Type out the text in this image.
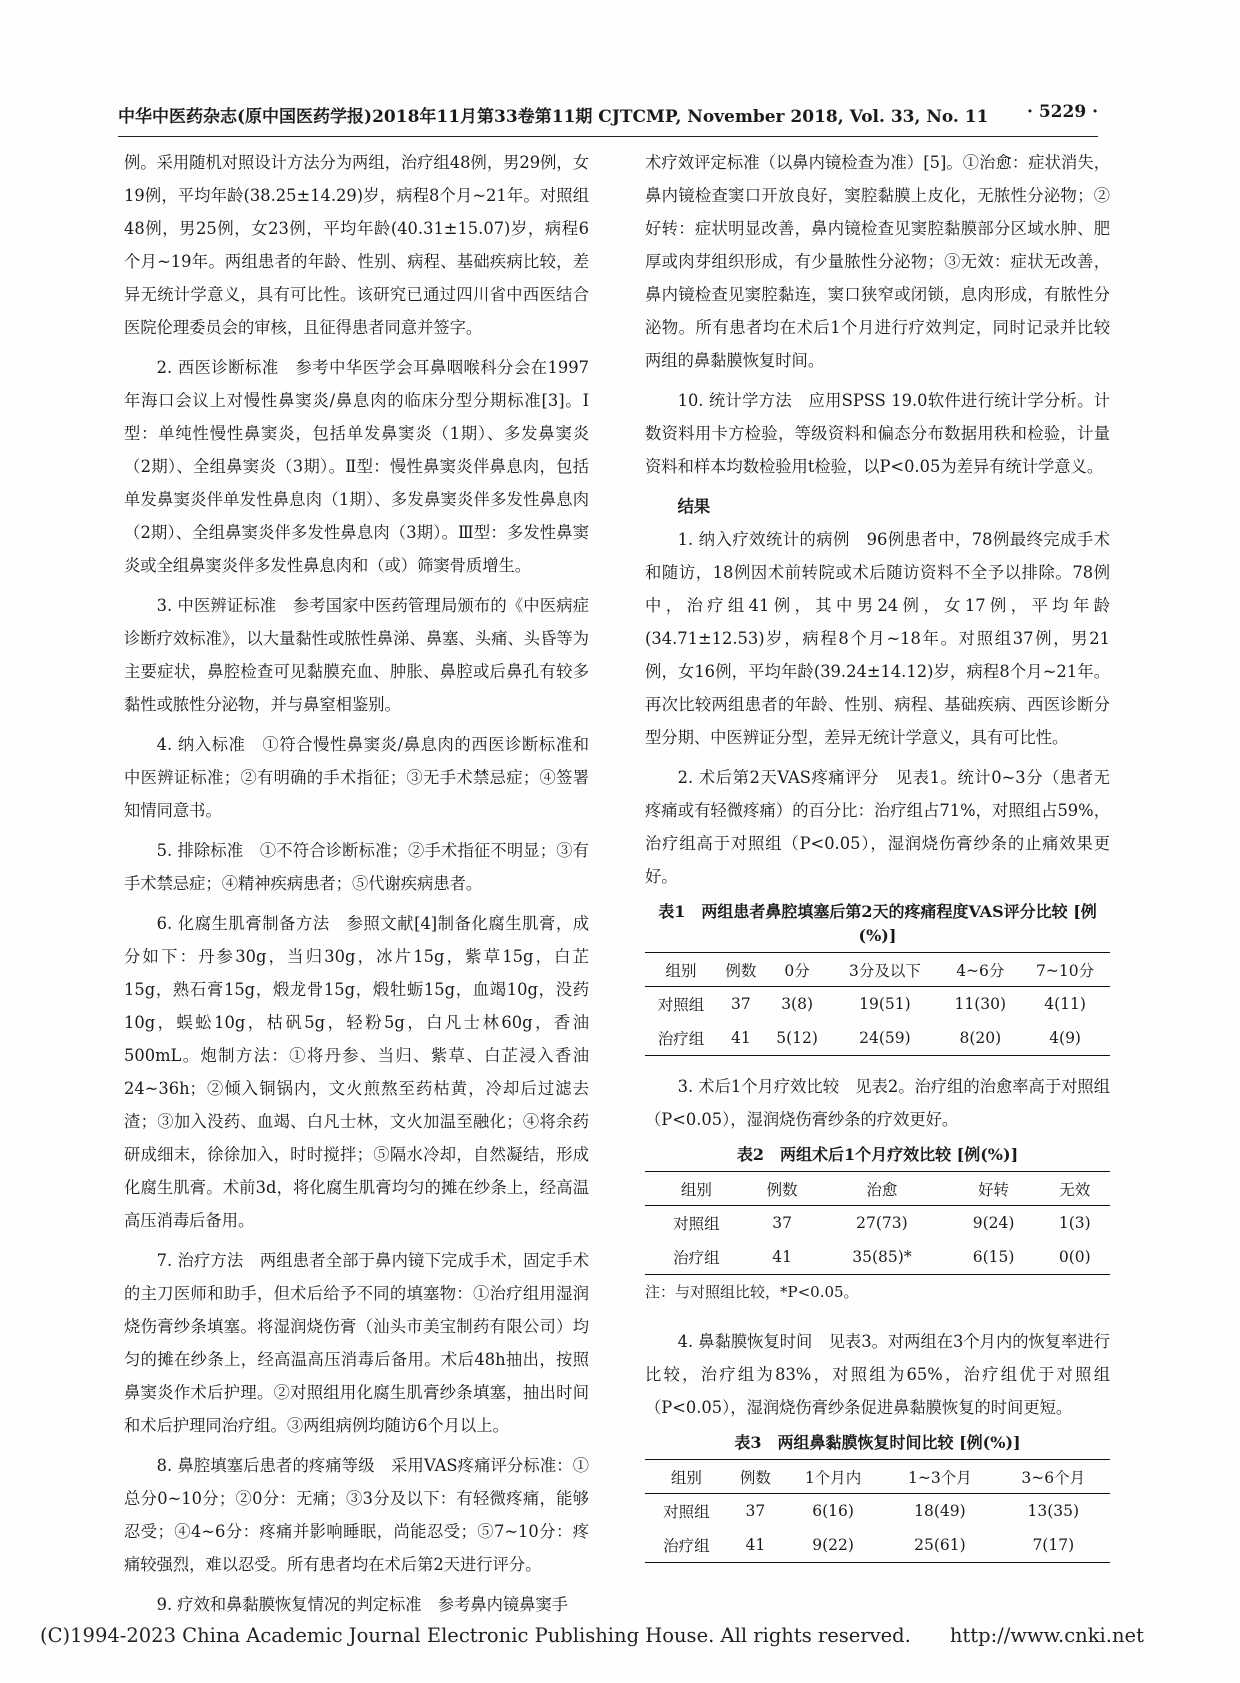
中华中医药杂志(原中国医药学报)2018年11月第33卷第11期 CJTCMP, November 2018, Vol. 33, No. 11 · 5229 ·

例。采用随机对照设计方法分为两组，治疗组48例，男29例，女19例，平均年龄(38.25±14.29)岁，病程8个月~21年。对照组48例，男25例，女23例，平均年龄(40.31±15.07)岁，病程6个月~19年。两组患者的年龄、性别、病程、基础疾病比较，差异无统计学意义，具有可比性。该研究已通过四川省中西医结合医院伦理委员会的审核，且征得患者同意并签字。

2. 西医诊断标准　参考中华医学会耳鼻咽喉科分会在1997年海口会议上对慢性鼻窦炎/鼻息肉的临床分型分期标准[3]。Ⅰ型：单纯性慢性鼻窦炎，包括单发鼻窦炎（1期）、多发鼻窦炎（2期）、全组鼻窦炎（3期）。Ⅱ型：慢性鼻窦炎伴鼻息肉，包括单发鼻窦炎伴单发性鼻息肉（1期）、多发鼻窦炎伴多发性鼻息肉（2期）、全组鼻窦炎伴多发性鼻息肉（3期）。Ⅲ型：多发性鼻窦炎或全组鼻窦炎伴多发性鼻息肉和（或）筛窦骨质增生。

3. 中医辨证标准　参考国家中医药管理局颁布的《中医病症诊断疗效标准》，以大量黏性或脓性鼻涕、鼻塞、头痛、头昏等为主要症状，鼻腔检查可见黏膜充血、肿胀、鼻腔或后鼻孔有较多黏性或脓性分泌物，并与鼻窒相鉴别。

4. 纳入标准　①符合慢性鼻窦炎/鼻息肉的西医诊断标准和中医辨证标准；②有明确的手术指征；③无手术禁忌症；④签署知情同意书。

5. 排除标准　①不符合诊断标准；②手术指征不明显；③有手术禁忌症；④精神疾病患者；⑤代谢疾病患者。

6. 化腐生肌膏制备方法　参照文献[4]制备化腐生肌膏，成分如下：丹参30g，当归30g，冰片15g，紫草15g，白芷15g，熟石膏15g，煅龙骨15g，煅牡蛎15g，血竭10g，没药10g，蜈蚣10g，枯矾5g，轻粉5g，白凡士林60g，香油500mL。炮制方法：①将丹参、当归、紫草、白芷浸入香油24~36h；②倾入铜锅内，文火煎熬至药枯黄，冷却后过滤去渣；③加入没药、血竭、白凡士林，文火加温至融化；④将余药研成细末，徐徐加入，时时搅拌；⑤隔水冷却，自然凝结，形成化腐生肌膏。术前3d，将化腐生肌膏均匀的摊在纱条上，经高温高压消毒后备用。

7. 治疗方法　两组患者全部于鼻内镜下完成手术，固定手术的主刀医师和助手，但术后给予不同的填塞物：①治疗组用湿润烧伤膏纱条填塞。将湿润烧伤膏（汕头市美宝制药有限公司）均匀的摊在纱条上，经高温高压消毒后备用。术后48h抽出，按照鼻窦炎作术后护理。②对照组用化腐生肌膏纱条填塞，抽出时间和术后护理同治疗组。③两组病例均随访6个月以上。

8. 鼻腔填塞后患者的疼痛等级　采用VAS疼痛评分标准：①总分0~10分；②0分：无痛；③3分及以下：有轻微疼痛，能够忍受；④4~6分：疼痛并影响睡眠，尚能忍受；⑤7~10分：疼痛较强烈，难以忍受。所有患者均在术后第2天进行评分。

9. 疗效和鼻黏膜恢复情况的判定标准　参考鼻内镜鼻窦手

术疗效评定标准（以鼻内镜检查为准）[5]。①治愈：症状消失，鼻内镜检查窦口开放良好，窦腔黏膜上皮化，无脓性分泌物；②好转：症状明显改善，鼻内镜检查见窦腔黏膜部分区域水肿、肥厚或肉芽组织形成，有少量脓性分泌物；③无效：症状无改善，鼻内镜检查见窦腔黏连，窦口狭窄或闭锁，息肉形成，有脓性分泌物。所有患者均在术后1个月进行疗效判定，同时记录并比较两组的鼻黏膜恢复时间。

10. 统计学方法　应用SPSS 19.0软件进行统计学分析。计数资料用卡方检验，等级资料和偏态分布数据用秩和检验，计量资料和样本均数检验用t检验，以P<0.05为差异有统计学意义。

结果

1. 纳入疗效统计的病例　96例患者中，78例最终完成手术和随访，18例因术前转院或术后随访资料不全予以排除。78例中，治疗组41例，其中男24例，女17例，平均年龄(34.71±12.53)岁，病程8个月~18年。对照组37例，男21例，女16例，平均年龄(39.24±14.12)岁，病程8个月~21年。再次比较两组患者的年龄、性别、病程、基础疾病、西医诊断分型分期、中医辨证分型，差异无统计学意义，具有可比性。

2. 术后第2天VAS疼痛评分　见表1。统计0~3分（患者无疼痛或有轻微疼痛）的百分比：治疗组占71%，对照组占59%，治疗组高于对照组（P<0.05），湿润烧伤膏纱条的止痛效果更好。

表1　两组患者鼻腔填塞后第2天的疼痛程度VAS评分比较 [例(%)]
组别	例数	0分	3分及以下	4~6分	7~10分
对照组	37	3(8)	19(51)	11(30)	4(11)
治疗组	41	5(12)	24(59)	8(20)	4(9)

3. 术后1个月疗效比较　见表2。治疗组的治愈率高于对照组（P<0.05），湿润烧伤膏纱条的疗效更好。

表2　两组术后1个月疗效比较 [例(%)]
组别	例数	治愈	好转	无效
对照组	37	27(73)	9(24)	1(3)
治疗组	41	35(85)*	6(15)	0(0)
注：与对照组比较，*P<0.05。

4. 鼻黏膜恢复时间　见表3。对两组在3个月内的恢复率进行比较，治疗组为83%，对照组为65%，治疗组优于对照组（P<0.05），湿润烧伤膏纱条促进鼻黏膜恢复的时间更短。

表3　两组鼻黏膜恢复时间比较 [例(%)]
组别	例数	1个月内	1~3个月	3~6个月
对照组	37	6(16)	18(49)	13(35)
治疗组	41	9(22)	25(61)	7(17)
(C)1994-2023 China Academic Journal Electronic Publishing House. All rights reserved.　　http://www.cnki.net
